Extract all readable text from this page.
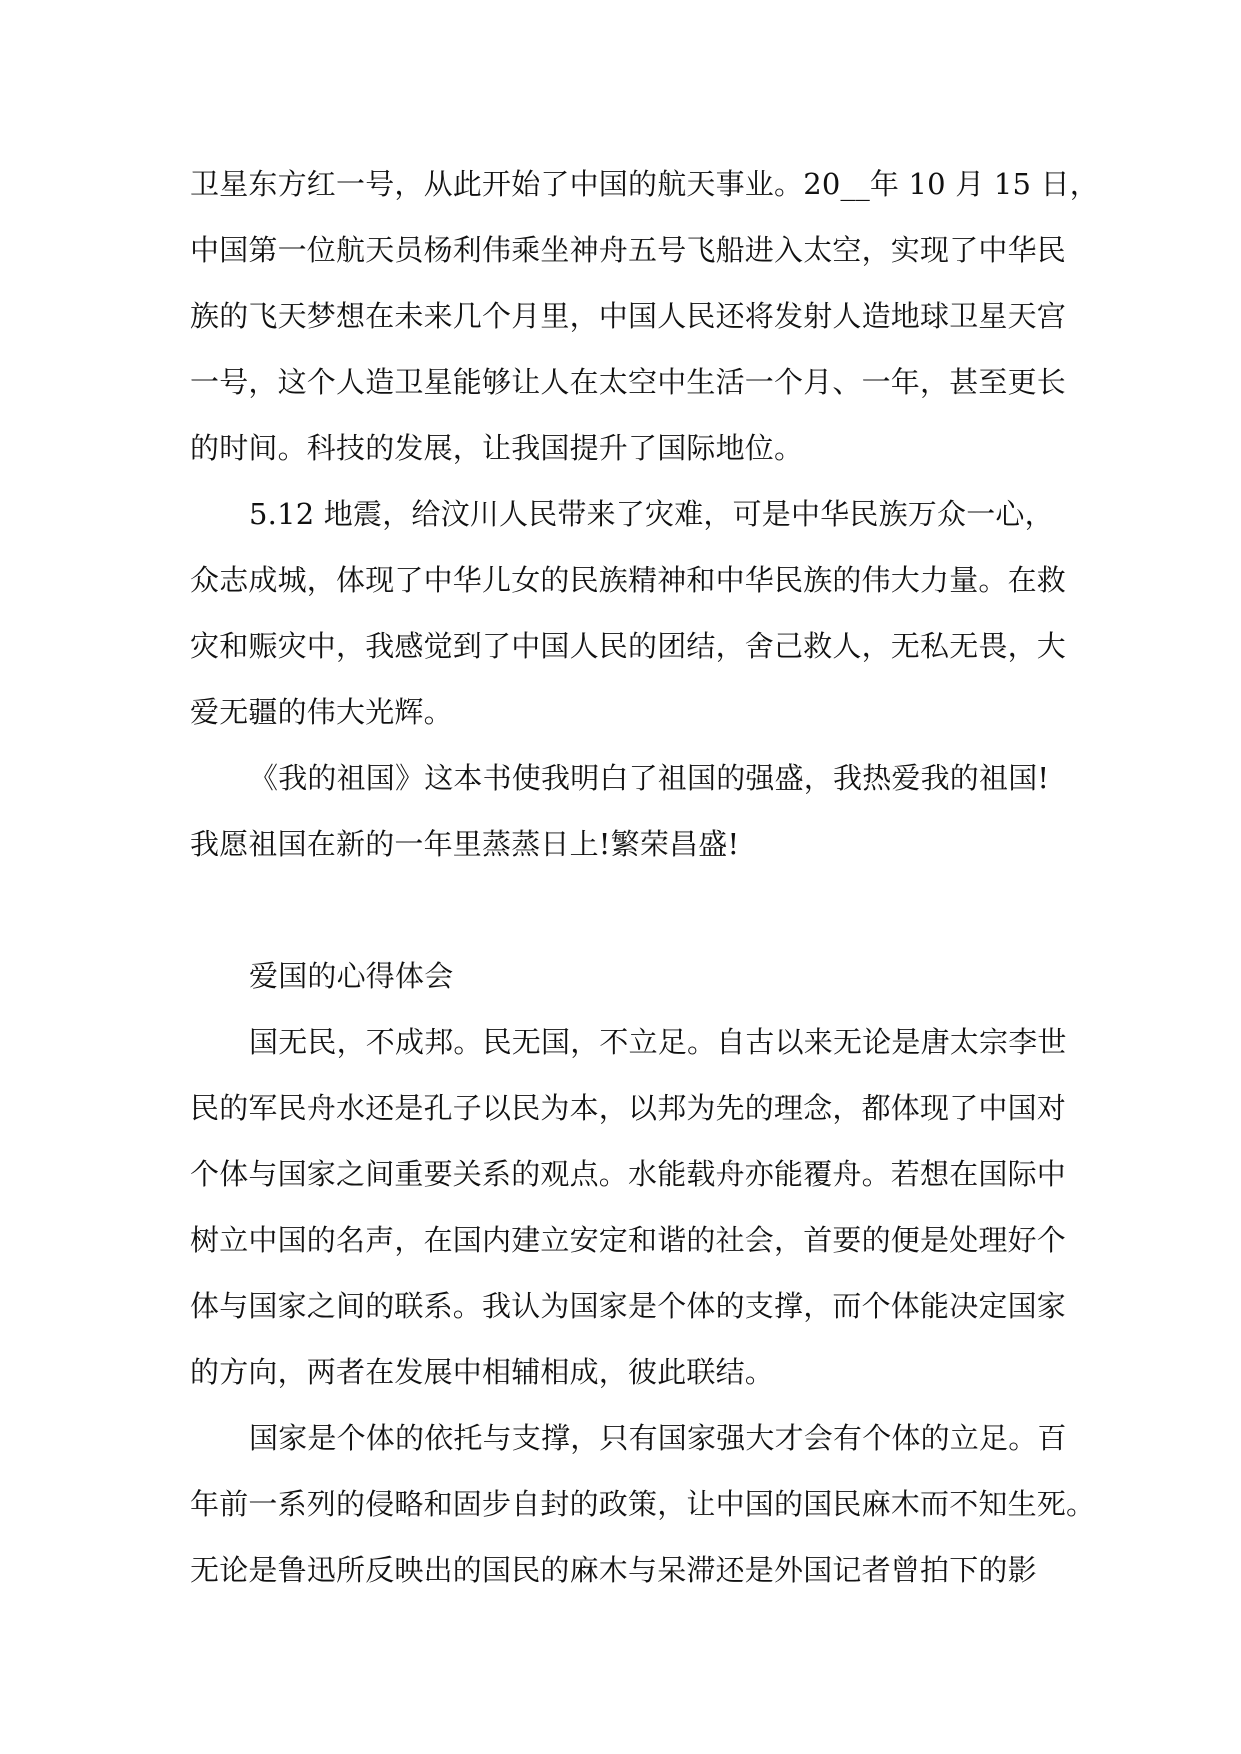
卫星东方红一号，从此开始了中国的航天事业。20__年 10 月 15 日，
中国第一位航天员杨利伟乘坐神舟五号飞船进入太空，实现了中华民
族的飞天梦想在未来几个月里，中国人民还将发射人造地球卫星天宫
一号，这个人造卫星能够让人在太空中生活一个月、一年，甚至更长
的时间。科技的发展，让我国提升了国际地位。
5.12 地震，给汶川人民带来了灾难，可是中华民族万众一心，
众志成城，体现了中华儿女的民族精神和中华民族的伟大力量。在救
灾和赈灾中，我感觉到了中国人民的团结，舍己救人，无私无畏，大
爱无疆的伟大光辉。
《我的祖国》这本书使我明白了祖国的强盛，我热爱我的祖国!
我愿祖国在新的一年里蒸蒸日上!繁荣昌盛!
爱国的心得体会
国无民，不成邦。民无国，不立足。自古以来无论是唐太宗李世
民的军民舟水还是孔子以民为本，以邦为先的理念，都体现了中国对
个体与国家之间重要关系的观点。水能载舟亦能覆舟。若想在国际中
树立中国的名声，在国内建立安定和谐的社会，首要的便是处理好个
体与国家之间的联系。我认为国家是个体的支撑，而个体能决定国家
的方向，两者在发展中相辅相成，彼此联结。
国家是个体的依托与支撑，只有国家强大才会有个体的立足。百
年前一系列的侵略和固步自封的政策，让中国的国民麻木而不知生死。
无论是鲁迅所反映出的国民的麻木与呆滞还是外国记者曾拍下的影
